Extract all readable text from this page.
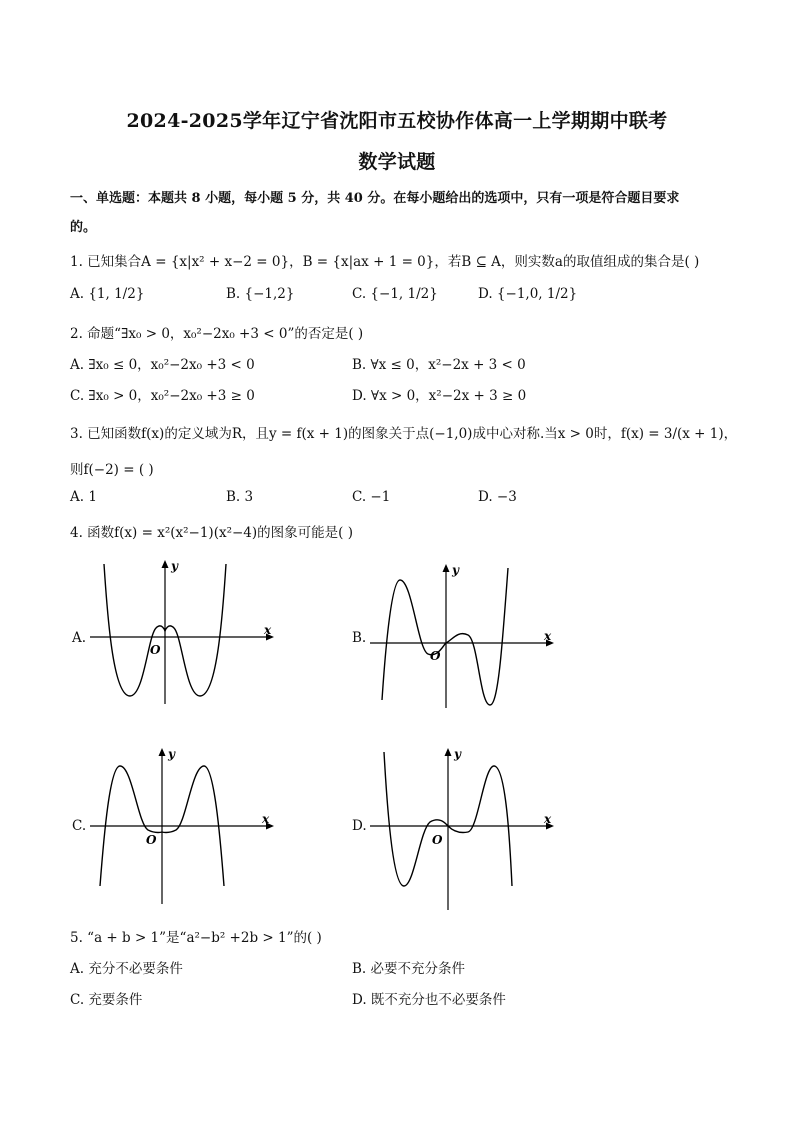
2024-2025学年辽宁省沈阳市五校协作体高一上学期期中联考
数学试题
一、单选题：本题共 8 小题，每小题 5 分，共 40 分。在每小题给出的选项中，只有一项是符合题目要求
的。
1. 已知集合A = {x|x² + x−2 = 0}，B = {x|ax + 1 = 0}，若B ⊆ A，则实数a的取值组成的集合是( )
A. {1, 1/2}	B. {−1,2}	C. {−1, 1/2}	D. {−1,0, 1/2}
2. 命题“∃x₀ > 0，x₀²−2x₀ +3 < 0”的否定是( )
A. ∃x₀ ≤ 0，x₀²−2x₀ +3 < 0	B. ∀x ≤ 0，x²−2x + 3 < 0
C. ∃x₀ > 0，x₀²−2x₀ +3 ≥ 0	D. ∀x > 0，x²−2x + 3 ≥ 0
3. 已知函数f(x)的定义域为R，且y = f(x + 1)的图象关于点(−1,0)成中心对称.当x > 0时，f(x) = 3/(x + 1)，
则f(−2) = ( )
A. 1	B. 3	C. −1	D. −3
4. 函数f(x) = x²(x²−1)(x²−4)的图象可能是( )
A.	x
y
O
B.	x
y
O
C.	x
y
O
D.	x
y
O
5. “a + b > 1”是“a²−b² +2b > 1”的( )
A. 充分不必要条件	B. 必要不充分条件
C. 充要条件	D. 既不充分也不必要条件
